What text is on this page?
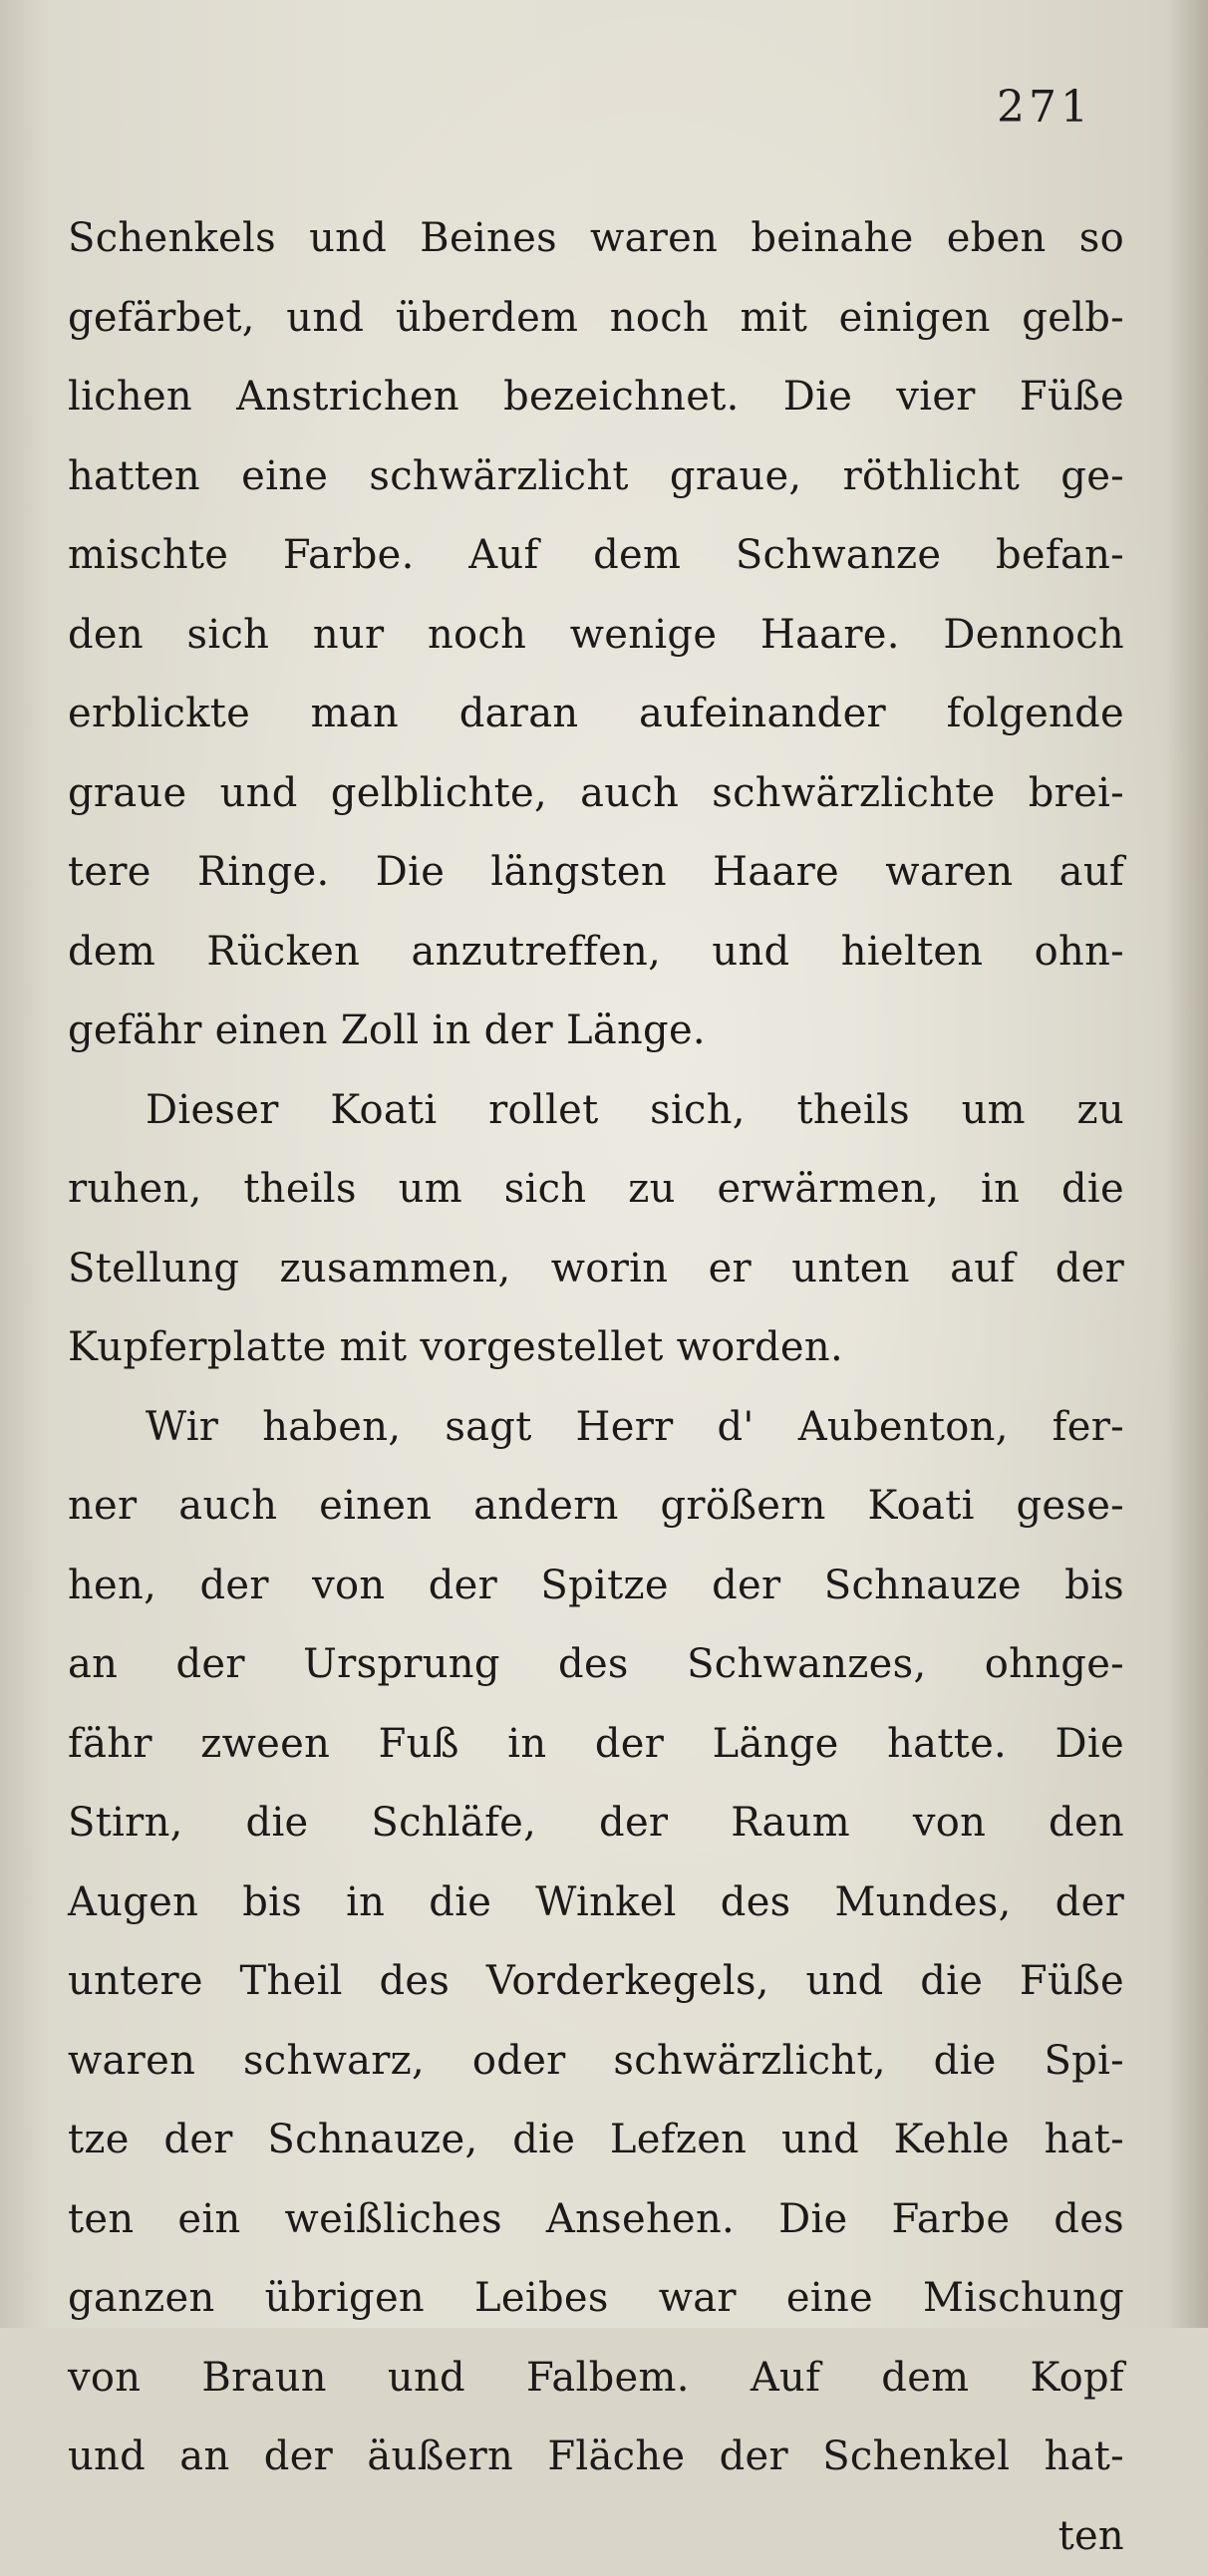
271
Schenkels und Beines waren beinahe eben so
gefärbet, und überdem noch mit einigen gelb-
lichen Anstrichen bezeichnet. Die vier Füße
hatten eine schwärzlicht graue, röthlicht ge-
mischte Farbe. Auf dem Schwanze befan-
den sich nur noch wenige Haare. Dennoch
erblickte man daran aufeinander folgende
graue und gelblichte, auch schwärzlichte brei-
tere Ringe. Die längsten Haare waren auf
dem Rücken anzutreffen, und hielten ohn-
gefähr einen Zoll in der Länge.
Dieser Koati rollet sich, theils um zu
ruhen, theils um sich zu erwärmen, in die
Stellung zusammen, worin er unten auf der
Kupferplatte mit vorgestellet worden.
Wir haben, sagt Herr d' Aubenton, fer-
ner auch einen andern größern Koati gese-
hen, der von der Spitze der Schnauze bis
an der Ursprung des Schwanzes, ohnge-
fähr zween Fuß in der Länge hatte. Die
Stirn, die Schläfe, der Raum von den
Augen bis in die Winkel des Mundes, der
untere Theil des Vorderkegels, und die Füße
waren schwarz, oder schwärzlicht, die Spi-
tze der Schnauze, die Lefzen und Kehle hat-
ten ein weißliches Ansehen. Die Farbe des
ganzen übrigen Leibes war eine Mischung
von Braun und Falbem. Auf dem Kopf
und an der äußern Fläche der Schenkel hat-
ten
